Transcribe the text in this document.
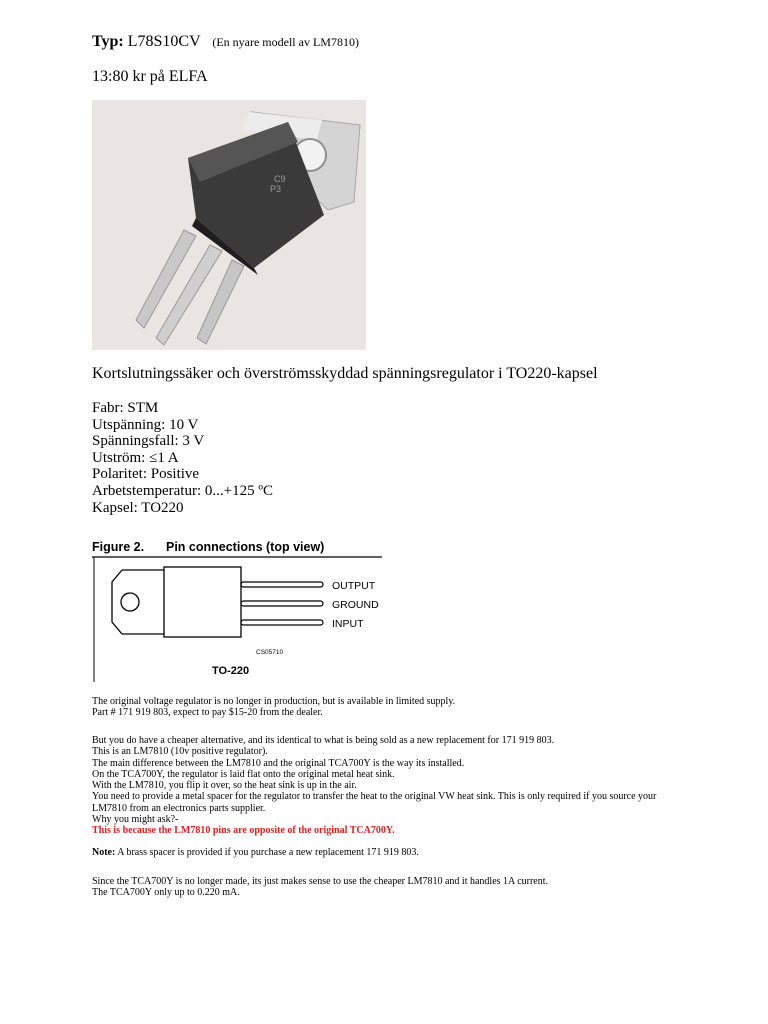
Typ: L78S10CV (En nyare modell av LM7810)
13:80 kr på ELFA
C9
P3
Kortslutningssäker och överströmsskyddad spänningsregulator i TO220-kapsel
Fabr: STM
Utspänning: 10 V
Spänningsfall: 3 V
Utström: ≤1 A
Polaritet: Positive
Arbetstemperatur: 0...+125 ºC
Kapsel: TO220
Figure 2. Pin connections (top view)
OUTPUT
GROUND
INPUT
CS05710
TO-220
The original voltage regulator is no longer in production, but is available in limited supply.
Part # 171 919 803, expect to pay $15-20 from the dealer.
But you do have a cheaper alternative, and its identical to what is being sold as a new replacement for 171 919 803.
This is an LM7810 (10v positive regulator).
The main difference between the LM7810 and the original TCA700Y is the way its installed.
On the TCA700Y, the regulator is laid flat onto the original metal heat sink.
With the LM7810, you flip it over, so the heat sink is up in the air.
You need to provide a metal spacer for the regulator to transfer the heat to the original VW heat sink. This is only required if you source your
LM7810 from an electronics parts supplier.
Why you might ask?-
This is because the LM7810 pins are opposite of the original TCA700Y.
Note: A brass spacer is provided if you purchase a new replacement 171 919 803.
Since the TCA700Y is no longer made, its just makes sense to use the cheaper LM7810 and it handles 1A current.
The TCA700Y only up to 0.220 mA.
